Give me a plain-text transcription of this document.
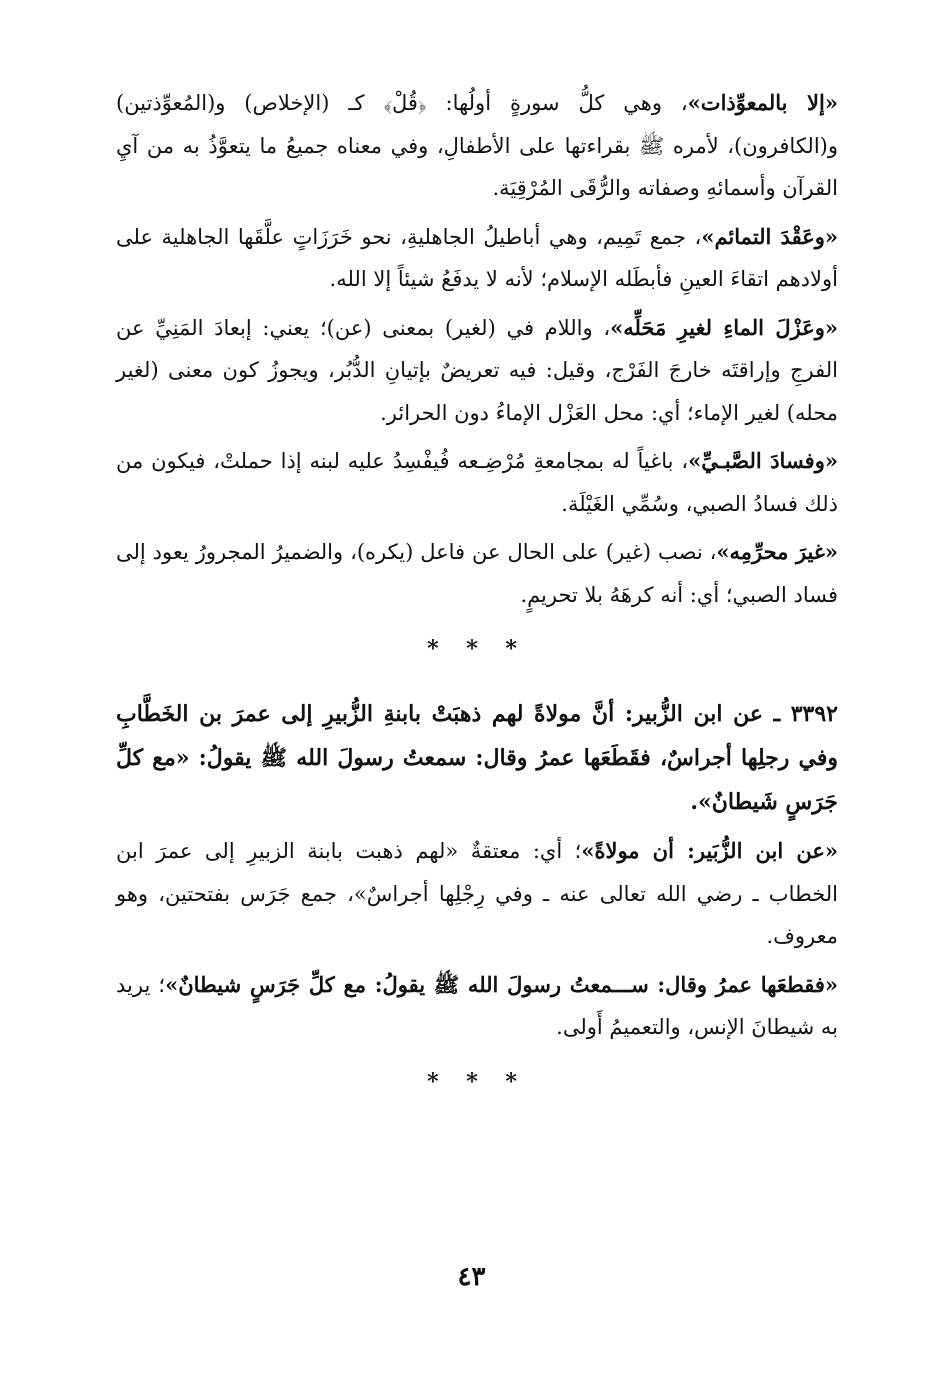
«إلا بالمعوِّذات»، وهي كلُّ سورةٍ أولُها: ﴿قُلْ﴾ كـ (الإخلاص) و(المُعوِّذتين) و(الكافرون)، لأمره ﷺ بقراءتها على الأطفالِ، وفي معناه جميعُ ما يتعوَّذُ به من آيِ القرآن وأسمائهِ وصفاته والرُّقَى المُرْقِيَة.

«وعَقْدَ التمائم»، جمع تَمِيم، وهي أباطيلُ الجاهليةِ، نحو خَرَزَاتٍ علَّقَها الجاهلية على أولادهم اتقاءَ العينِ فأبطَله الإسلام؛ لأنه لا يدفَعُ شيئاً إلا الله.

«وعَزْلَ الماءِ لغيرِ مَحَلِّه»، واللام في (لغير) بمعنى (عن)؛ يعني: إبعادَ المَنِيِّ عن الفرجِ وإراقتَه خارجَ الفَرْج، وقيل: فيه تعريضٌ بإتيانِ الدُّبُر، ويجوزُ كون معنى (لغير محله) لغير الإماء؛ أي: محل العَزْل الإماءُ دون الحرائر.

«وفسادَ الصَّبـيِّ»، باغياً له بمجامعةِ مُرْضِـعه فُيفْسِدُ عليه لبنه إذا حملتْ، فيكون من ذلك فسادُ الصبي، وسُمِّي الغَيْلَة.

«غيرَ محرِّمِه»، نصب (غير) على الحال عن فاعل (يكره)، والضميرُ المجرورُ يعود إلى فساد الصبي؛ أي: أنه كرهَهُ بلا تحريمٍ.

* * *

٣٣٩٢ ـ عن ابن الزُّبير: أنَّ مولاةً لهم ذهبَتْ بابنةِ الزُّبيرِ إلى عمرَ بن الخَطَّابِ وفي رجلِها أجراسٌ، فقَطَعَها عمرُ وقال: سمعتُ رسولَ الله ﷺ يقولُ: «مع كلِّ جَرَسٍ شَيطانٌ».

«عن ابن الزُّبَير: أن مولاةً»؛ أي: معتقةٌ «لهم ذهبت بابنة الزبيرِ إلى عمرَ ابن الخطاب ـ رضي الله تعالى عنه ـ وفي رِجْلِها أجراسٌ»، جمع جَرَس بفتحتين، وهو معروف.

«فقطعَها عمرُ وقال: ســـمعتُ رسولَ الله ﷺ يقولُ: مع كلِّ جَرَسٍ شيطانٌ»؛ يريد به شيطانَ الإنس، والتعميمُ أَولى.

* * *
٤٣
